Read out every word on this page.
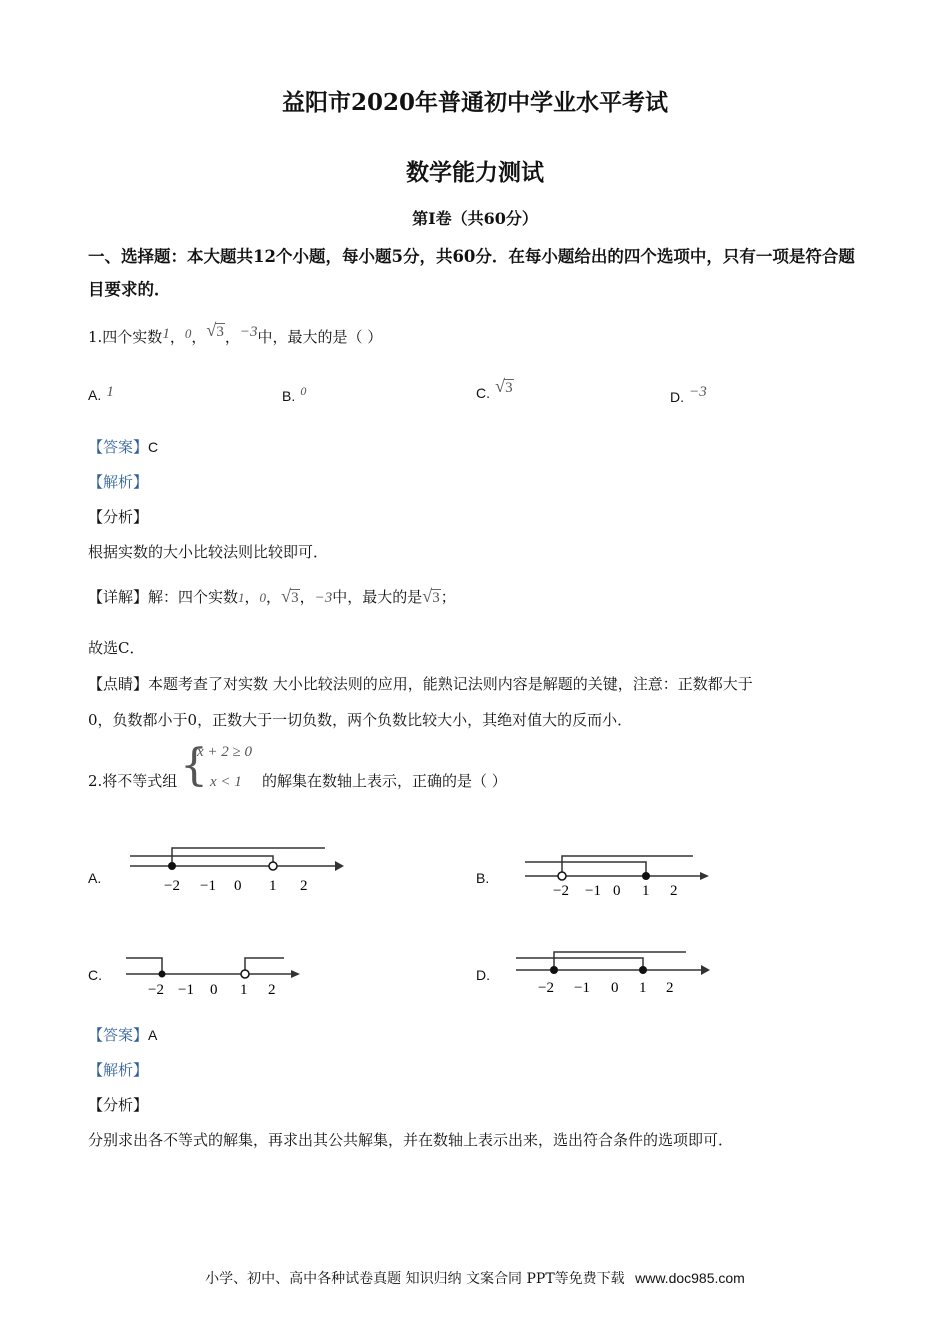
益阳市2020年普通初中学业水平考试
数学能力测试
第Ⅰ卷（共60分）
一、选择题：本大题共12个小题，每小题5分，共60分．在每小题给出的四个选项中，只有一项是符合题目要求的．
1.四个实数1，0， √ 3，−3中，最大的是（ ）
A. 1	B. $^0$	C. √ 3
D. −3
【答案】C
【解析】
【分析】
根据实数的大小比较法则比较即可．
【详解】解：四个实数1，0， √ 3，−3中，最大的是 √ 3；
故选C．
【点睛】本题考查了对实数 大小比较法则的应用，能熟记法则内容是解题的关键，注意：正数都大于
0，负数都小于0，正数大于一切负数，两个负数比较大小，其绝对值大的反而小．
2.将不等式组 {
x + 2 ≥ 0
x < 1 的解集在数轴上表示，正确的是（ ）
A.	−2 −1 0 1 2	B.
−2 −1 0 1 2
C.
−2 −1 0 1 2
D.
−2 −1 0 1 2
【答案】A
【解析】
【分析】
分别求出各不等式的解集，再求出其公共解集，并在数轴上表示出来，选出符合条件的选项即可．
小学、初中、高中各种试卷真题 知识归纳 文案合同 PPT等免费下载 www.doc985.com
